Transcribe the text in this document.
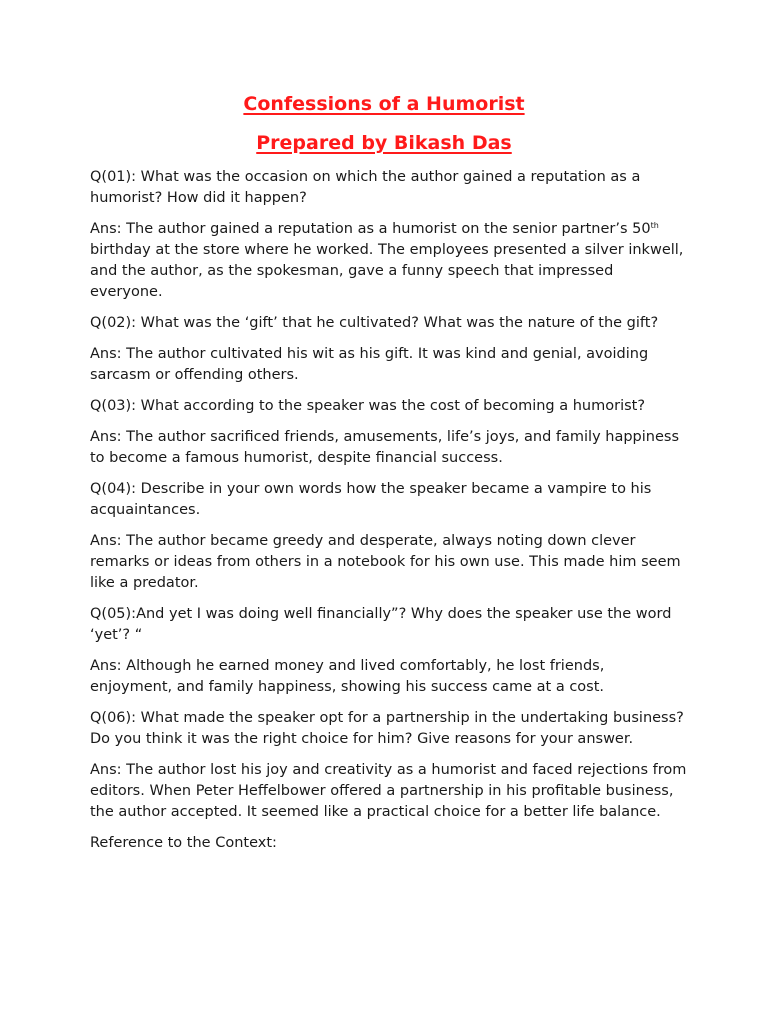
Confessions of a Humorist
Prepared by Bikash Das

Q(01): What was the occasion on which the author gained a reputation as a humorist? How did it happen?

Ans: The author gained a reputation as a humorist on the senior partner’s 50th birthday at the store where he worked. The employees presented a silver inkwell, and the author, as the spokesman, gave a funny speech that impressed everyone.

Q(02): What was the ‘gift’ that he cultivated? What was the nature of the gift?

Ans: The author cultivated his wit as his gift. It was kind and genial, avoiding sarcasm or offending others.

Q(03): What according to the speaker was the cost of becoming a humorist?

Ans: The author sacrificed friends, amusements, life’s joys, and family happiness to become a famous humorist, despite financial success.

Q(04): Describe in your own words how the speaker became a vampire to his acquaintances.

Ans: The author became greedy and desperate, always noting down clever remarks or ideas from others in a notebook for his own use. This made him seem like a predator.

Q(05):And yet I was doing well financially”? Why does the speaker use the word ‘yet’? “

Ans: Although he earned money and lived comfortably, he lost friends, enjoyment, and family happiness, showing his success came at a cost.

Q(06): What made the speaker opt for a partnership in the undertaking business? Do you think it was the right choice for him? Give reasons for your answer.

Ans: The author lost his joy and creativity as a humorist and faced rejections from editors. When Peter Heffelbower offered a partnership in his profitable business, the author accepted. It seemed like a practical choice for a better life balance.

Reference to the Context:
